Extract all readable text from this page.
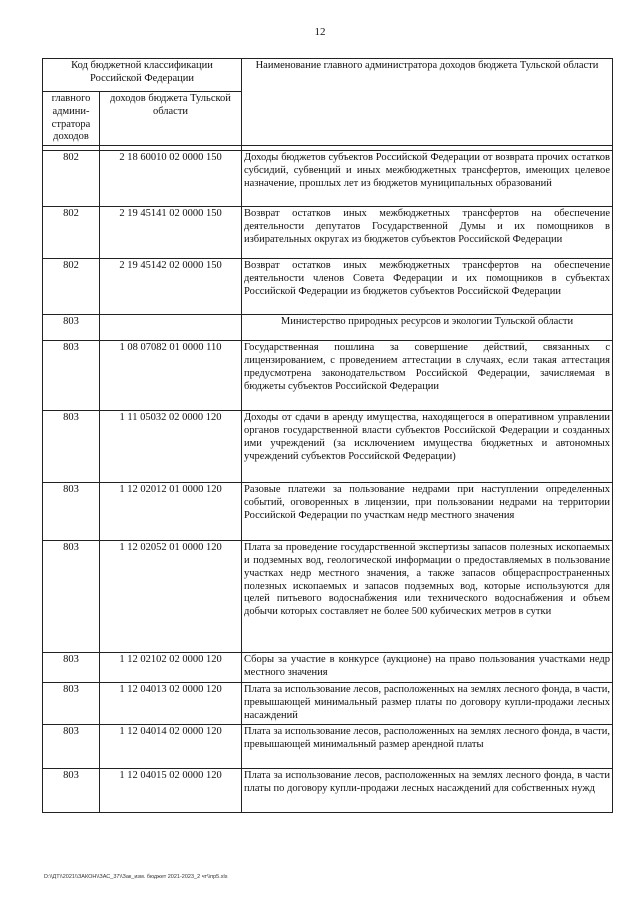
12
Код бюджетной классификации Российской Федерации		Наименование главного администратора доходов бюджета Тульской области
главного админи-стратора доходов	доходов бюджета Тульской области	

802	2 18 60010 02 0000 150	Доходы бюджетов субъектов Российской Федерации от возврата прочих остатков субсидий, субвенций и иных межбюджетных трансфертов, имеющих целевое назначение, прошлых лет из бюджетов муниципальных образований
802	2 19 45141 02 0000 150	Возврат остатков иных межбюджетных трансфертов на обеспечение деятельности депутатов Государственной Думы и их помощников в избирательных округах из бюджетов субъектов Российской Федерации
802	2 19 45142 02 0000 150	Возврат остатков иных межбюджетных трансфертов на обеспечение деятельности членов Совета Федерации и их помощников в субъектах Российской Федерации из бюджетов субъектов Российской Федерации
803		Министерство природных ресурсов и экологии Тульской области
803	1 08 07082 01 0000 110	Государственная пошлина за совершение действий, связанных с лицензированием, с проведением аттестации в случаях, если такая аттестация предусмотрена законодательством Российской Федерации, зачисляемая в бюджеты субъектов Российской Федерации
803	1 11 05032 02 0000 120	Доходы от сдачи в аренду имущества, находящегося в оперативном управлении органов государственной власти субъектов Российской Федерации и созданных ими учреждений (за исключением имущества бюджетных и автономных учреждений субъектов Российской Федерации)
803	1 12 02012 01 0000 120	Разовые платежи за пользование недрами при наступлении определенных событий, оговоренных в лицензии, при пользовании недрами на территории Российской Федерации по участкам недр местного значения
803	1 12 02052 01 0000 120	Плата за проведение государственной экспертизы запасов полезных ископаемых и подземных вод, геологической информации о предоставляемых в пользование участках недр местного значения, а также запасов общераспространенных полезных ископаемых и запасов подземных вод, которые используются для целей питьевого водоснабжения или технического водоснабжения и объем добычи которых составляет не более 500 кубических метров в сутки
803	1 12 02102 02 0000 120	Сборы за участие в конкурсе (аукционе) на право пользования участками недр местного значения
803	1 12 04013 02 0000 120	Плата за использование лесов, расположенных на землях лесного фонда, в части, превышающей минимальный размер платы по договору купли-продажи лесных насаждений
803	1 12 04014 02 0000 120	Плата за использование лесов, расположенных на землях лесного фонда, в части, превышающей минимальный размер арендной платы
803	1 12 04015 02 0000 120	Плата за использование лесов, расположенных на землях лесного фонда, в части платы по договору купли-продажи лесных насаждений для собственных нужд
D:\\ДТ\\2021\\ЗАКОН\\ЗАС_37\\Зак_изм. бюджет 2021-2023_2 чт\\пр5.xls
